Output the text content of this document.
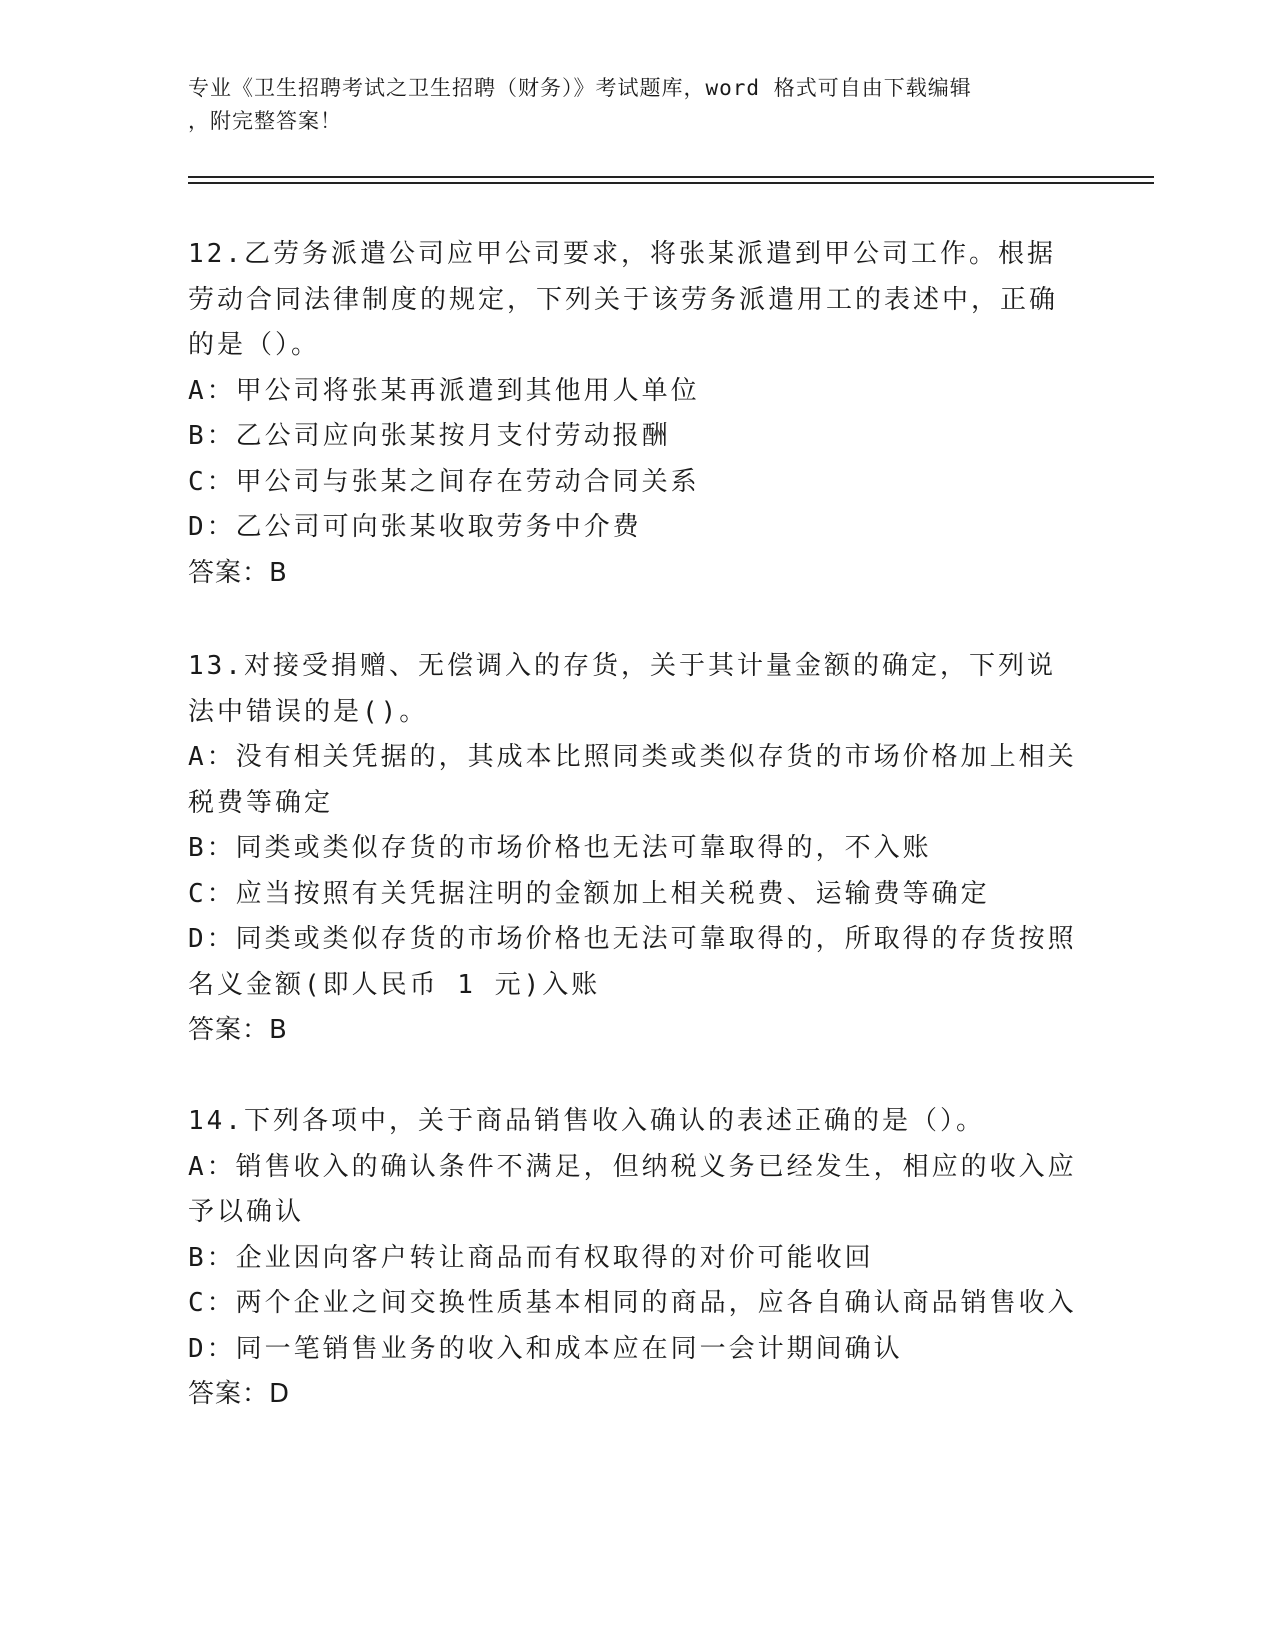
专业《卫生招聘考试之卫生招聘（财务）》考试题库，word 格式可自由下载编辑
，附完整答案！
12.乙劳务派遣公司应甲公司要求，将张某派遣到甲公司工作。根据劳动合同法律制度的规定，下列关于该劳务派遣用工的表述中，正确的是（）。
A：甲公司将张某再派遣到其他用人单位
B：乙公司应向张某按月支付劳动报酬
C：甲公司与张某之间存在劳动合同关系
D：乙公司可向张某收取劳务中介费
答案：B
13.对接受捐赠、无偿调入的存货，关于其计量金额的确定，下列说法中错误的是()。
A：没有相关凭据的，其成本比照同类或类似存货的市场价格加上相关税费等确定
B：同类或类似存货的市场价格也无法可靠取得的，不入账
C：应当按照有关凭据注明的金额加上相关税费、运输费等确定
D：同类或类似存货的市场价格也无法可靠取得的，所取得的存货按照名义金额(即人民币 1 元)入账
答案：B
14.下列各项中，关于商品销售收入确认的表述正确的是（）。
A：销售收入的确认条件不满足，但纳税义务已经发生，相应的收入应予以确认
B：企业因向客户转让商品而有权取得的对价可能收回
C：两个企业之间交换性质基本相同的商品，应各自确认商品销售收入
D：同一笔销售业务的收入和成本应在同一会计期间确认
答案：D
